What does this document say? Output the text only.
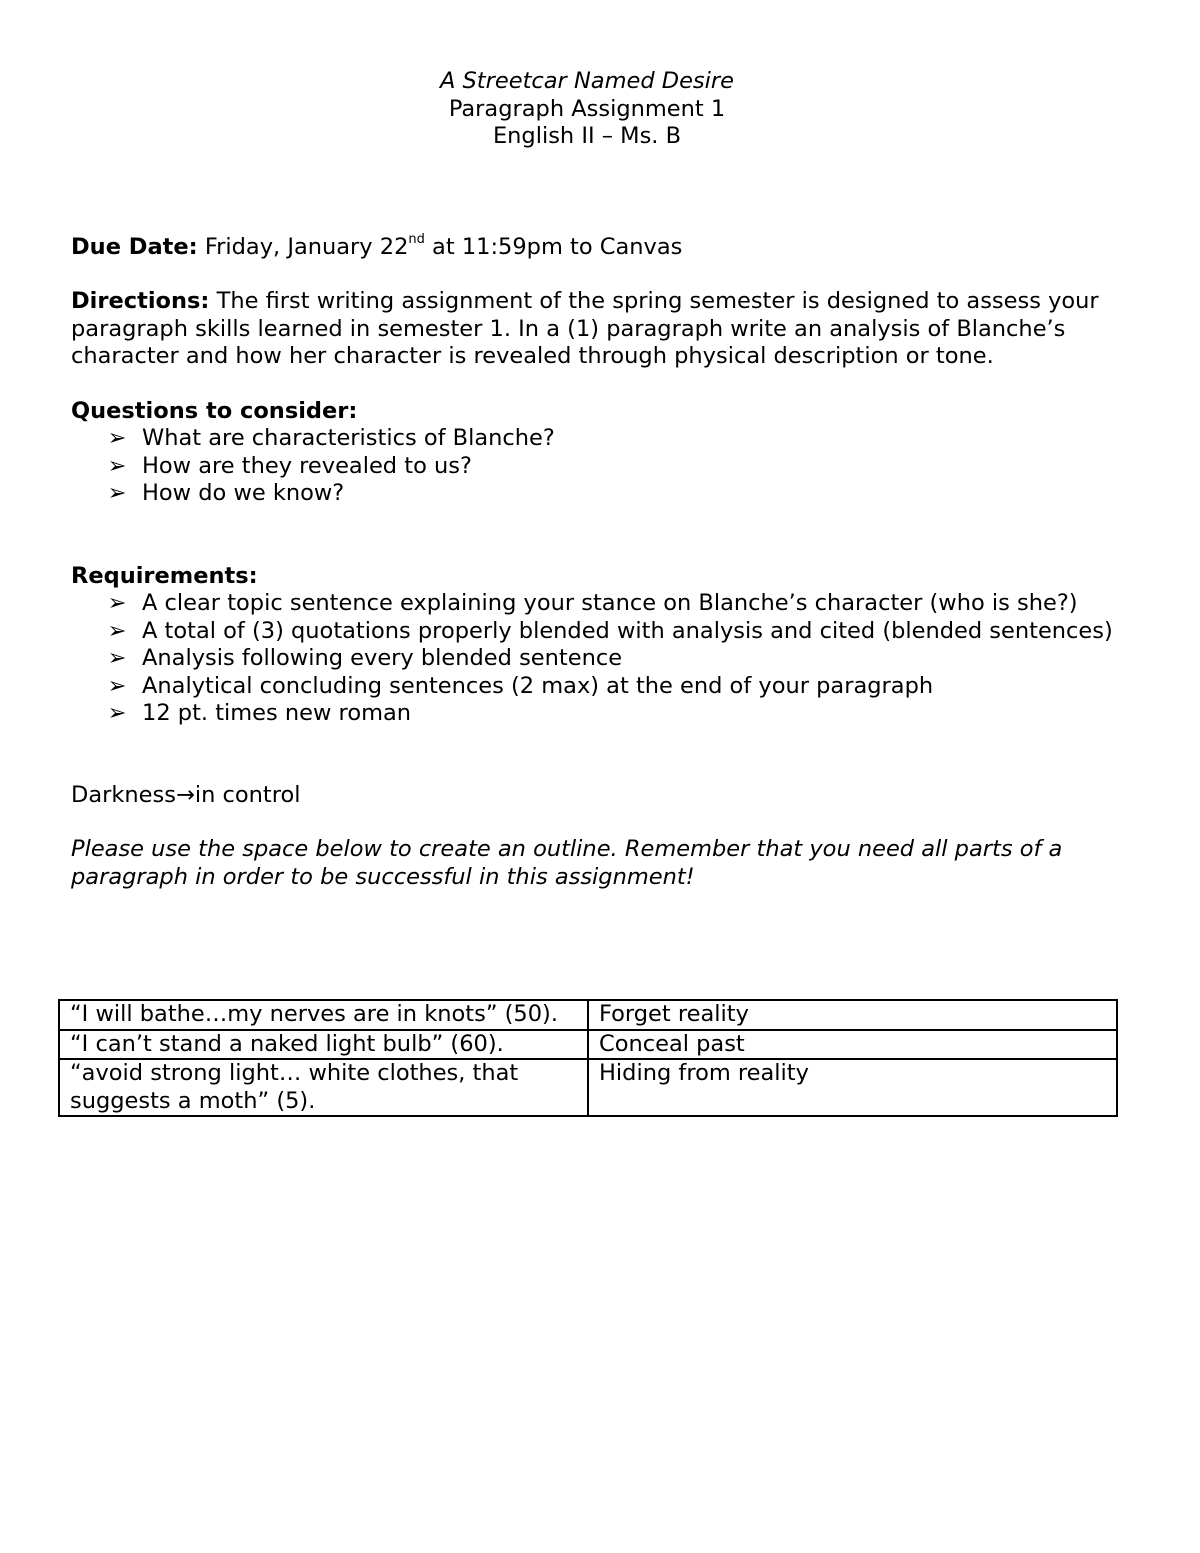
A Streetcar Named Desire
Paragraph Assignment 1
English II – Ms. B
Due Date: Friday, January 22nd at 11:59pm to Canvas
Directions: The first writing assignment of the spring semester is designed to assess your paragraph skills learned in semester 1. In a (1) paragraph write an analysis of Blanche’s character and how her character is revealed through physical description or tone.
Questions to consider:
➢ What are characteristics of Blanche?
➢ How are they revealed to us?
➢ How do we know?
Requirements:
➢ A clear topic sentence explaining your stance on Blanche’s character (who is she?)
➢ A total of (3) quotations properly blended with analysis and cited (blended sentences)
➢ Analysis following every blended sentence
➢ Analytical concluding sentences (2 max) at the end of your paragraph
➢ 12 pt. times new roman
Darkness→in control
Please use the space below to create an outline. Remember that you need all parts of a paragraph in order to be successful in this assignment!
“I will bathe…my nerves are in knots” (50).	Forget reality
“I can’t stand a naked light bulb” (60).	Conceal past
“avoid strong light… white clothes, that suggests a moth” (5).	Hiding from reality
